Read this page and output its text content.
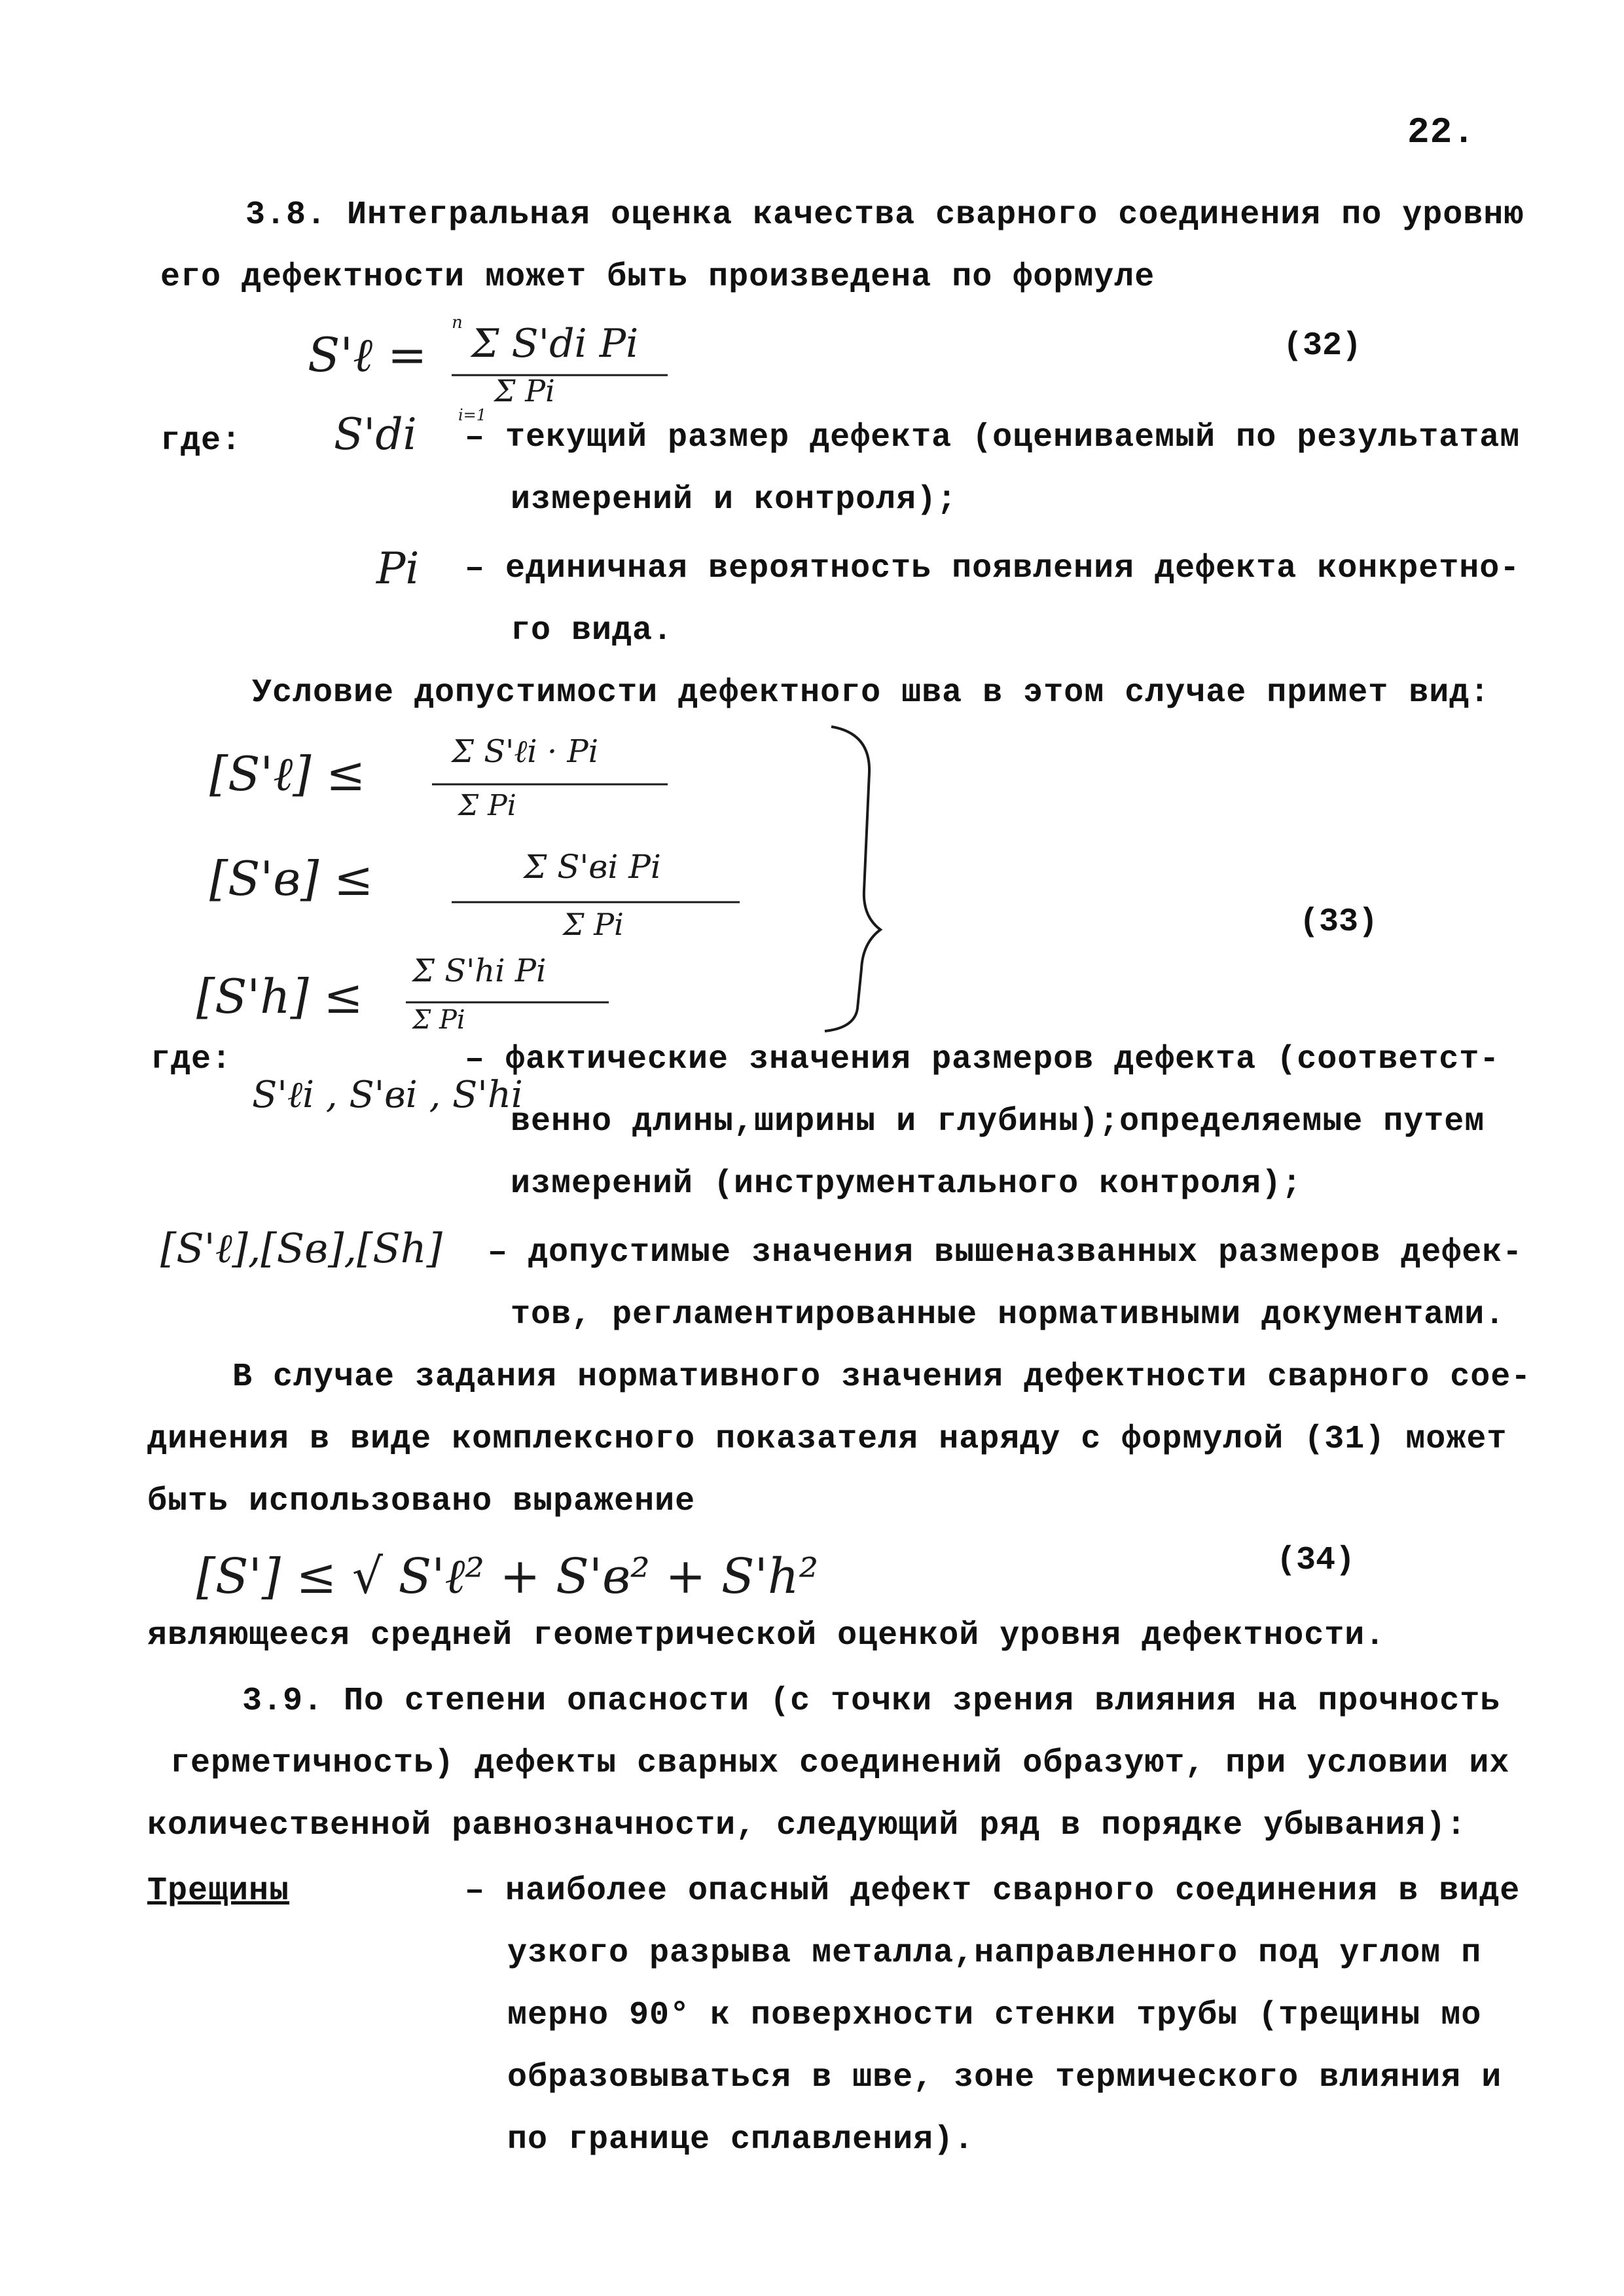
22.
3.8. Интегральная оценка качества сварного соединения по уровню
его дефектности может быть произведена по формуле
S'ℓ =
n Σ S'di Pi
Σ Pi
i=1
(32)
где: S'di – текущий размер дефекта (оцениваемый по результатам
измерений и контроля);
Pi – единичная вероятность появления дефекта конкретно-
го вида.
Условие допустимости дефектного шва в этом случае примет вид:
[S'ℓ] ≤	Σ S'ℓi · Pi
Σ Pi
[S'в] ≤	Σ S'вi Pi
Σ Pi
[S'h] ≤ Σ S'hi Pi
Σ Pi
(33)
где:
S'ℓi , S'вi , S'hi
– фактические значения размеров дефекта (соответст-
венно длины,ширины и глубины);определяемые путем
измерений (инструментального контроля);
[S'ℓ],[Sв],[Sh] – допустимые значения вышеназванных размеров дефек-
тов, регламентированные нормативными документами.
В случае задания нормативного значения дефектности сварного сое-
динения в виде комплексного показателя наряду с формулой (31) может
быть использовано выражение
[S'] ≤ √ S'ℓ² + S'в² + S'h²	(34)
являющееся средней геометрической оценкой уровня дефектности.
3.9. По степени опасности (с точки зрения влияния на прочность
герметичность) дефекты сварных соединений образуют, при условии их
количественной равнозначности, следующий ряд в порядке убывания):
Трещины	– наиболее опасный дефект сварного соединения в виде
узкого разрыва металла,направленного под углом п
мерно 90° к поверхности стенки трубы (трещины мо
образовываться в шве, зоне термического влияния и
по границе сплавления).
